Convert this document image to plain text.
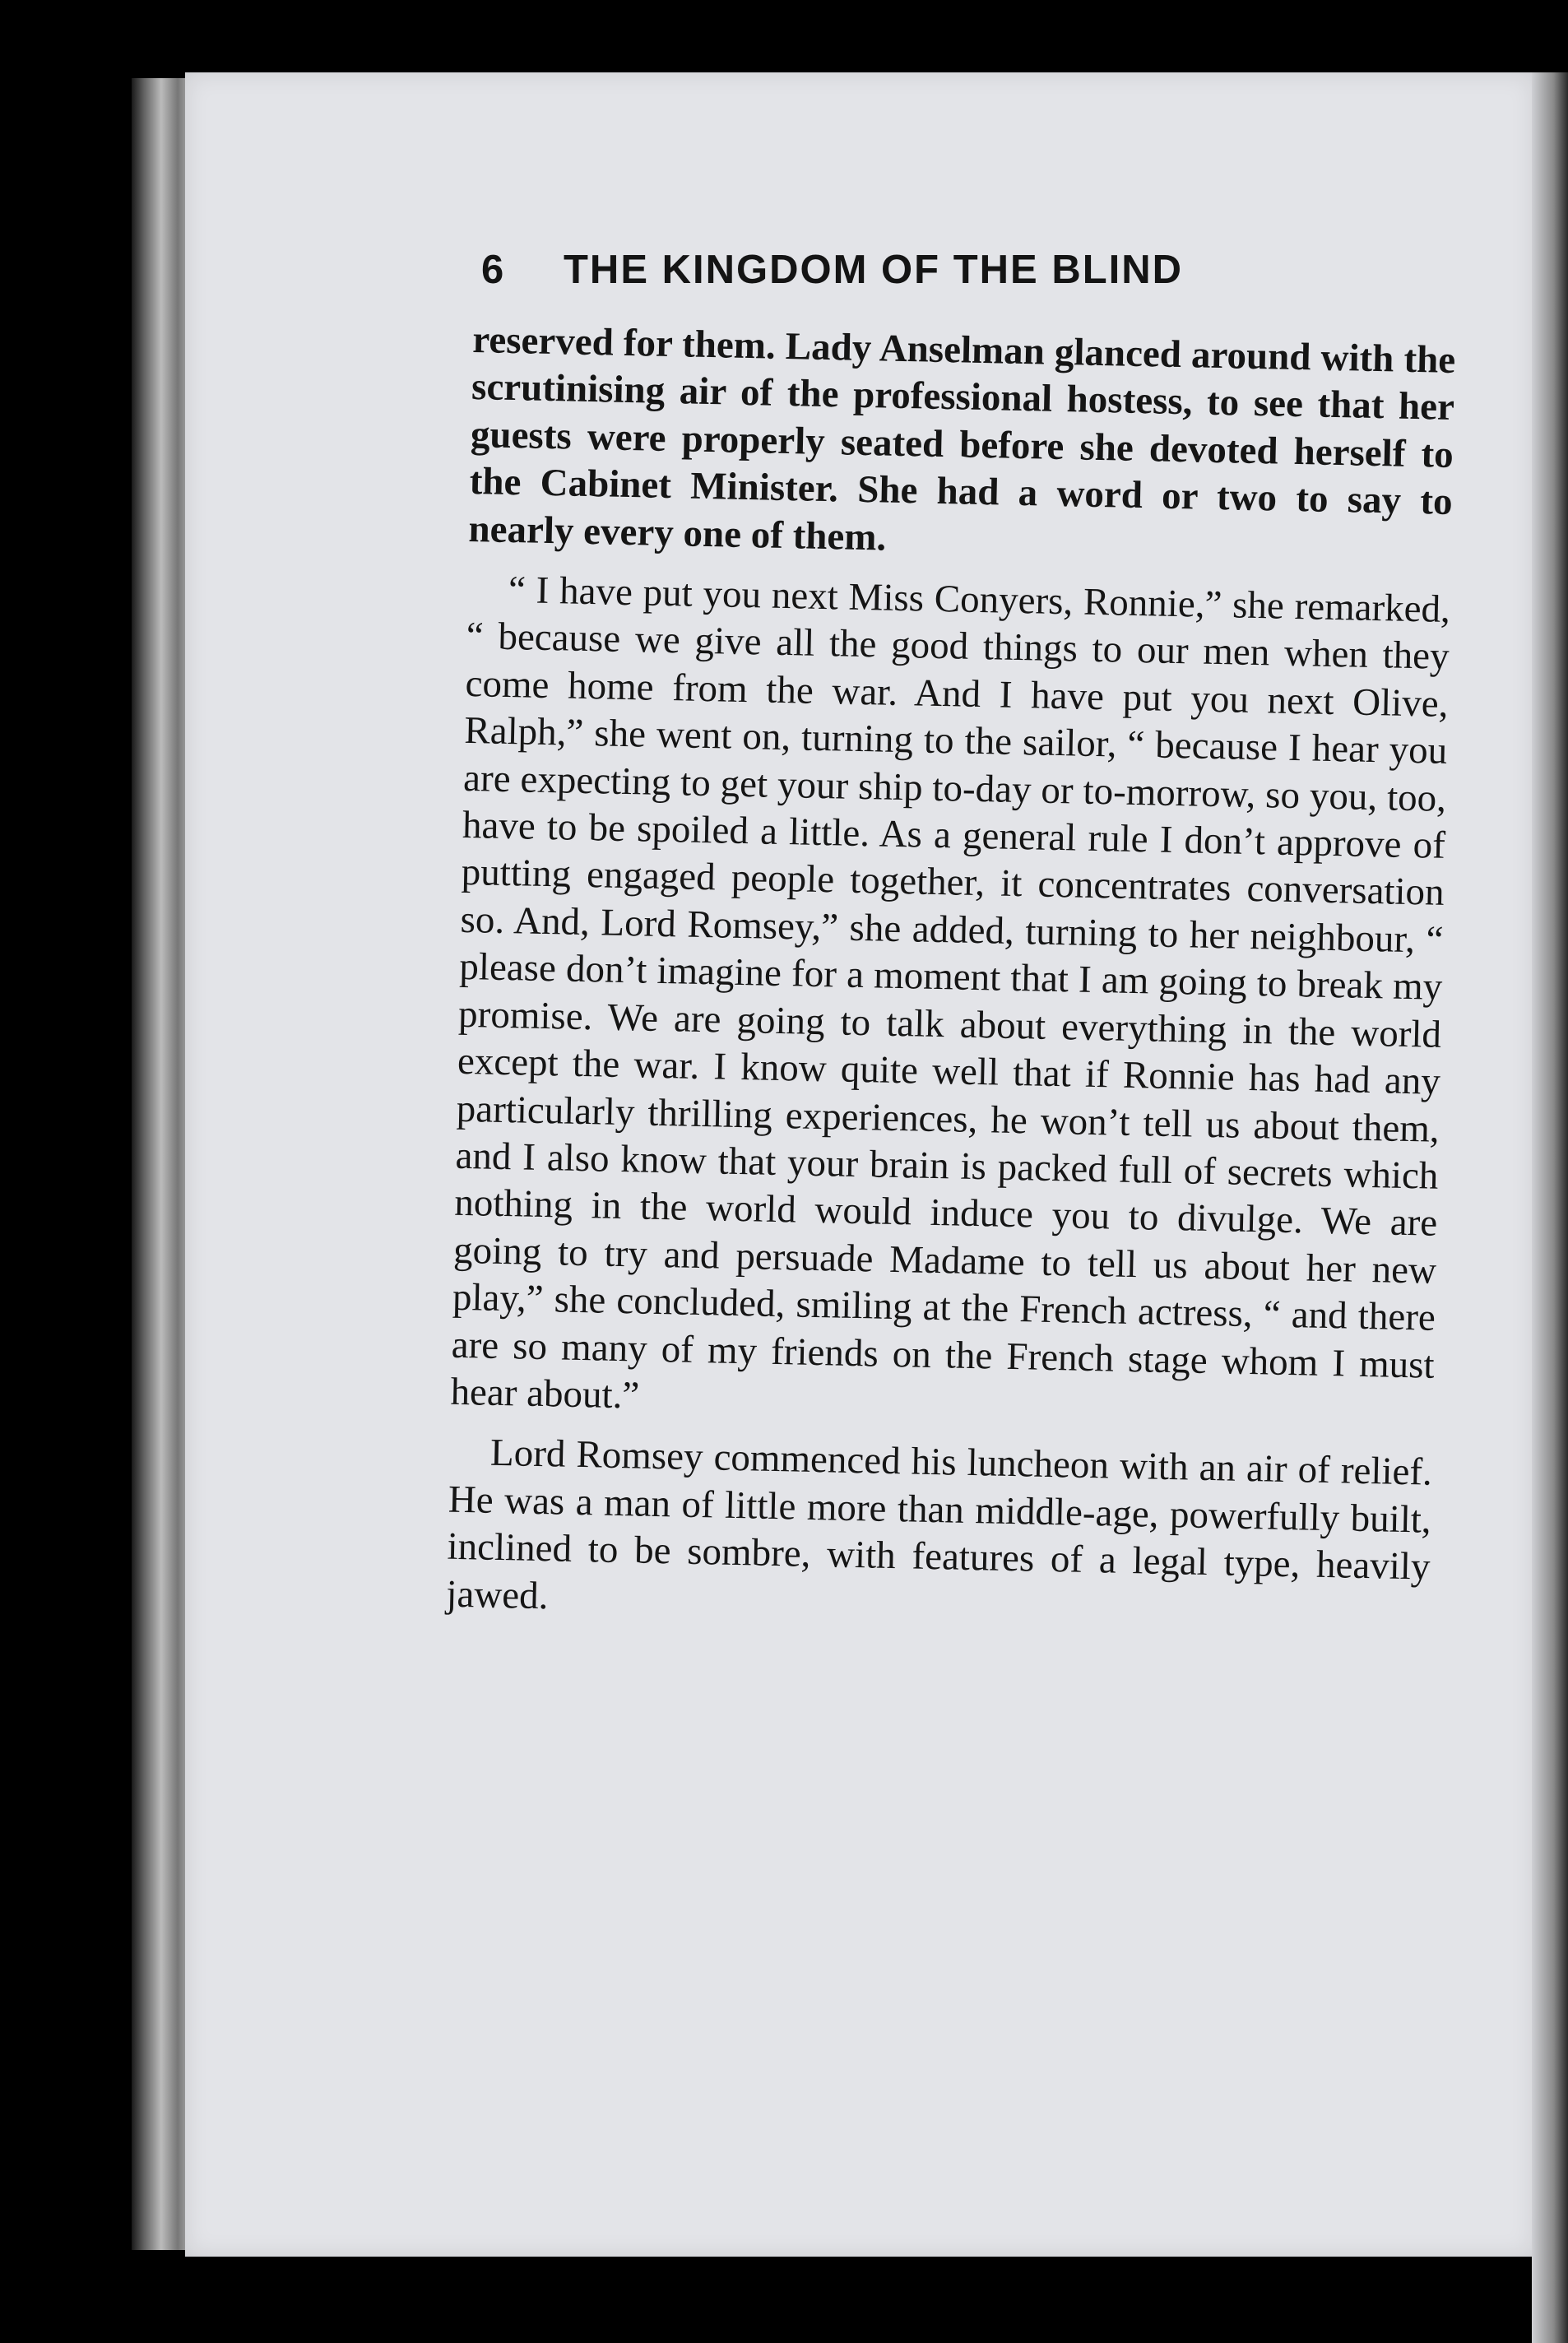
6 THE KINGDOM OF THE BLIND

reserved for them. Lady Anselman glanced around with the scrutinising air of the professional hostess, to see that her guests were properly seated before she devoted herself to the Cabinet Minister. She had a word or two to say to nearly every one of them.

“ I have put you next Miss Conyers, Ronnie,” she remarked, “ because we give all the good things to our men when they come home from the war. And I have put you next Olive, Ralph,” she went on, turning to the sailor, “ because I hear you are expecting to get your ship to-day or to-morrow, so you, too, have to be spoiled a little. As a general rule I don’t approve of putting engaged people together, it concentrates conversation so. And, Lord Romsey,” she added, turning to her neighbour, “ please don’t imagine for a moment that I am going to break my promise. We are going to talk about everything in the world except the war. I know quite well that if Ronnie has had any particularly thrilling experiences, he won’t tell us about them, and I also know that your brain is packed full of secrets which nothing in the world would induce you to divulge. We are going to try and persuade Madame to tell us about her new play,” she concluded, smiling at the French actress, “ and there are so many of my friends on the French stage whom I must hear about.”

Lord Romsey commenced his luncheon with an air of relief. He was a man of little more than middle-age, powerfully built, inclined to be sombre, with features of a legal type, heavily jawed.
